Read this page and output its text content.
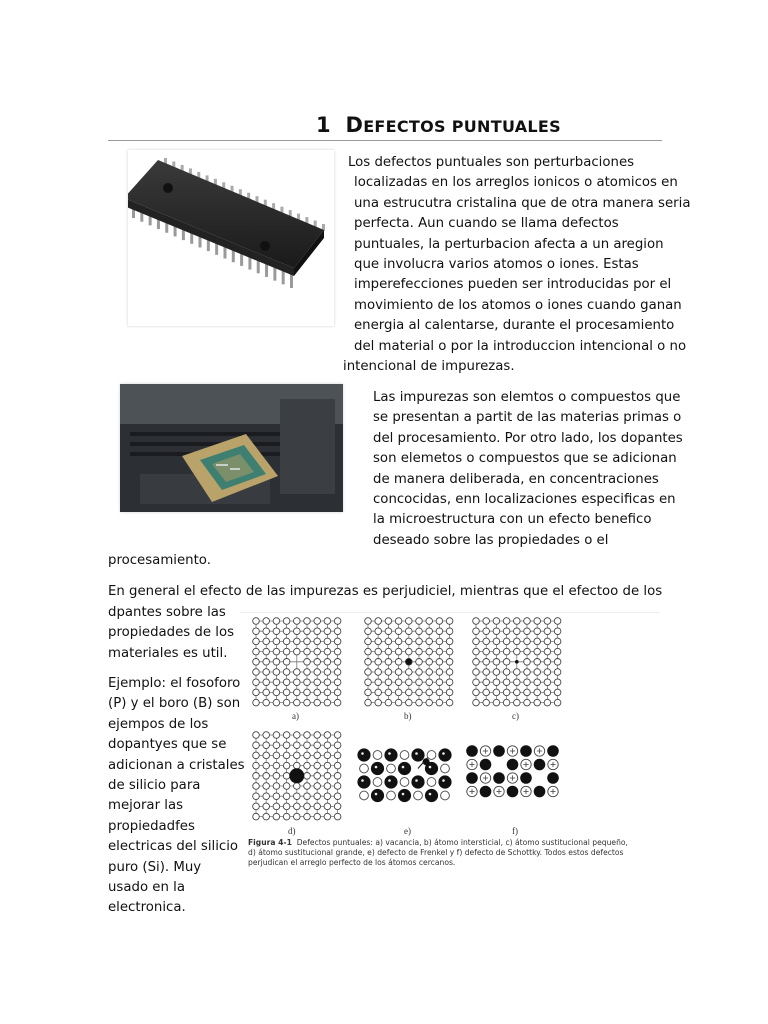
1 DEFECTOS PUNTUALES
Los defectos puntuales son perturbaciones
localizadas en los arreglos ionicos o atomicos en
una estrucutra cristalina que de otra manera seria
perfecta. Aun cuando se llama defectos
puntuales, la perturbacion afecta a un aregion
que involucra varios atomos o iones. Estas
imperefecciones pueden ser introducidas por el
movimiento de los atomos o iones cuando ganan
energia al calentarse, durante el procesamiento
del material o por la introduccion intencional o no
intencional de impurezas.
Las impurezas son elemtos o compuestos que
se presentan a partit de las materias primas o
del procesamiento. Por otro lado, los dopantes
son elemetos o compuestos que se adicionan
de manera deliberada, en concentraciones
concocidas, enn localizaciones especificas en
la microestructura con un efecto benefico
deseado sobre las propiedades o el
procesamiento.
En general el efecto de las impurezas es perjudiciel, mientras que el efectoo de los
dpantes sobre las
propiedades de los
materiales es util.
Ejemplo: el fosoforo
(P) y el boro (B) son
ejempos de los
dopantyes que se
adicionan a cristales
de silicio para
mejorar las
propiedadfes
electricas del silicio
puro (Si). Muy
usado en la
electronica.
a)	b)	c)
d)	e)	f)
Figura 4-1 Defectos puntuales: a) vacancia, b) átomo intersticial, c) átomo sustitucional pequeño,
d) átomo sustitucional grande, e) defecto de Frenkel y f) defecto de Schottky. Todos estos defectos
perjudican el arreglo perfecto de los átomos cercanos.
